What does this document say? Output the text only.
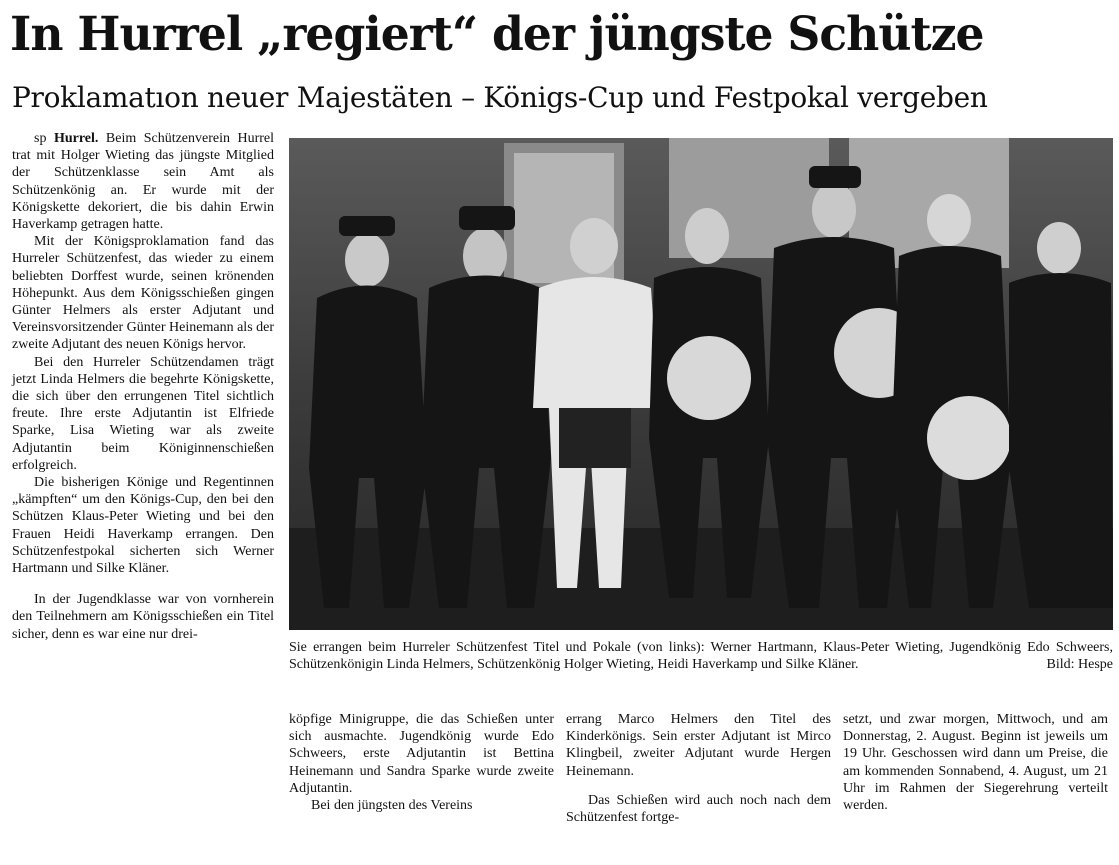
In Hurrel „regiert“ der jüngste Schütze
Proklamatıon neuer Majestäten – Königs-Cup und Festpokal vergeben

sp Hurrel. Beim Schützenverein Hurrel trat mit Holger Wieting das jüngste Mitglied der Schützenklasse sein Amt als Schützenkönig an. Er wurde mit der Königskette dekoriert, die bis dahin Erwin Haverkamp getragen hatte.

Mit der Königsproklamation fand das Hurreler Schützenfest, das wieder zu einem beliebten Dorffest wurde, seinen krönenden Höhepunkt. Aus dem Königsschießen gingen Günter Helmers als erster Adjutant und Vereinsvorsitzender Günter Heinemann als der zweite Adjutant des neuen Königs hervor.

Bei den Hurreler Schützendamen trägt jetzt Linda Helmers die begehrte Königskette, die sich über den errungenen Titel sichtlich freute. Ihre erste Adjutantin ist Elfriede Sparke, Lisa Wieting war als zweite Adjutantin beim Königinnenschießen erfolgreich.

Die bisherigen Könige und Regentinnen „kämpften“ um den Königs-Cup, den bei den Schützen Klaus-Peter Wieting und bei den Frauen Heidi Haverkamp errangen. Den Schützenfestpokal sicherten sich Werner Hartmann und Silke Kläner.

In der Jugendklasse war von vornherein den Teilnehmern am Königsschießen ein Titel sicher, denn es war eine nur drei-

Sie errangen beim Hurreler Schützenfest Titel und Pokale (von links): Werner Hartmann, Klaus-Peter Wieting, Jugendkönig Edo Schweers, Schützenkönigin Linda Helmers, Schützenkönig Holger Wieting, Heidi Haverkamp und Silke Kläner.	Bild: Hespe

köpfige Minigruppe, die das Schießen unter sich ausmachte. Jugendkönig wurde Edo Schweers, erste Adjutantin ist Bettina Heinemann und Sandra Sparke wurde zweite Adjutantin.

Bei den jüngsten des Vereins

errang Marco Helmers den Titel des Kinderkönigs. Sein erster Adjutant ist Mirco Klingbeil, zweiter Adjutant wurde Hergen Heinemann.

Das Schießen wird auch noch nach dem Schützenfest fortge-

setzt, und zwar morgen, Mittwoch, und am Donnerstag, 2. August. Beginn ist jeweils um 19 Uhr. Geschossen wird dann um Preise, die am kommenden Sonnabend, 4. August, um 21 Uhr im Rahmen der Siegerehrung verteilt werden.
